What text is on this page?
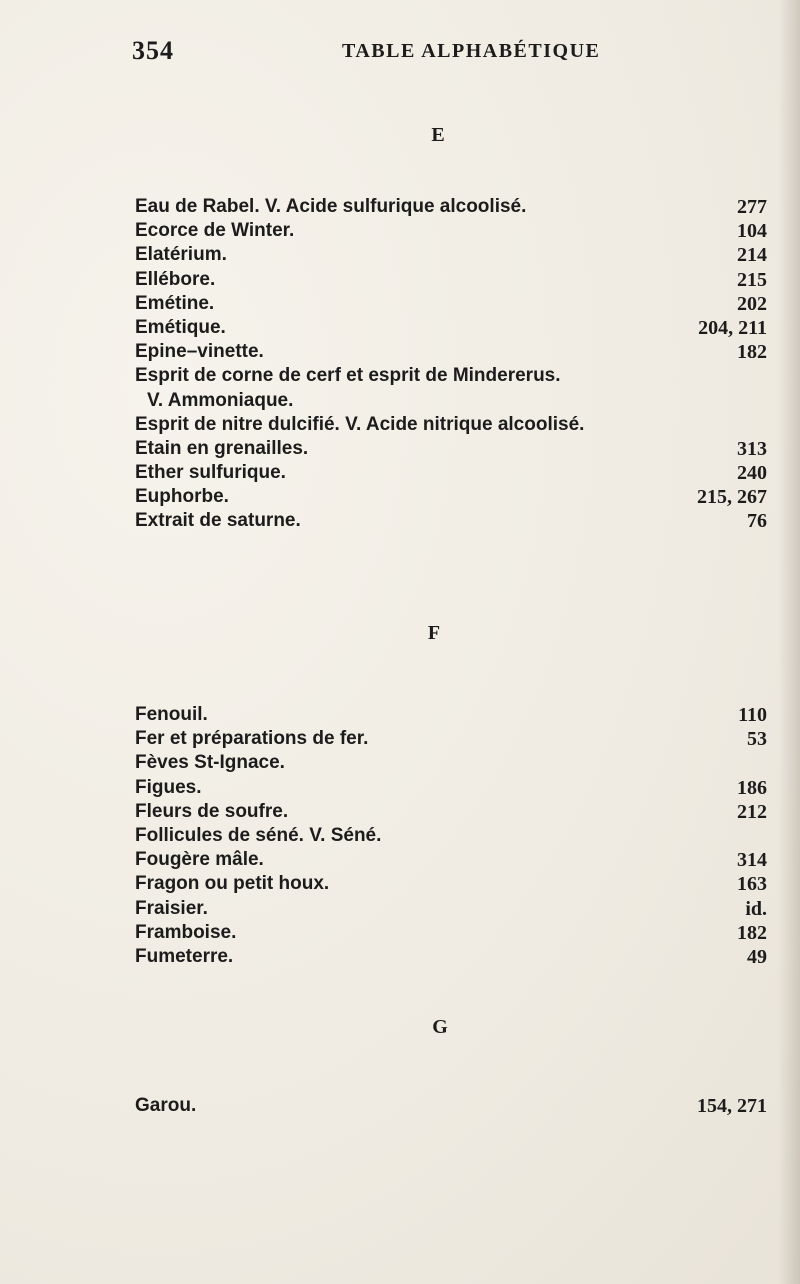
354	TABLE ALPHABÉTIQUE
E
Eau de Rabel. V. Acide sulfurique alcoolisé.	277
Ecorce de Winter.	104
Elatérium.	214
Ellébore.	215
Emétine.	202
Emétique.	204, 211
Epine–vinette.	182
Esprit de corne de cerf et esprit de Mindererus.
V. Ammoniaque.
Esprit de nitre dulcifié. V. Acide nitrique alcoolisé.
Etain en grenailles.	313
Ether sulfurique.	240
Euphorbe.	215, 267
Extrait de saturne.	76
F
Fenouil.	110
Fer et préparations de fer.	53
Fèves St-Ignace.
Figues.	186
Fleurs de soufre.	212
Follicules de séné. V. Séné.
Fougère mâle.	314
Fragon ou petit houx.	163
Fraisier.	id.
Framboise.	182
Fumeterre.	49
G
Garou.	154, 271
